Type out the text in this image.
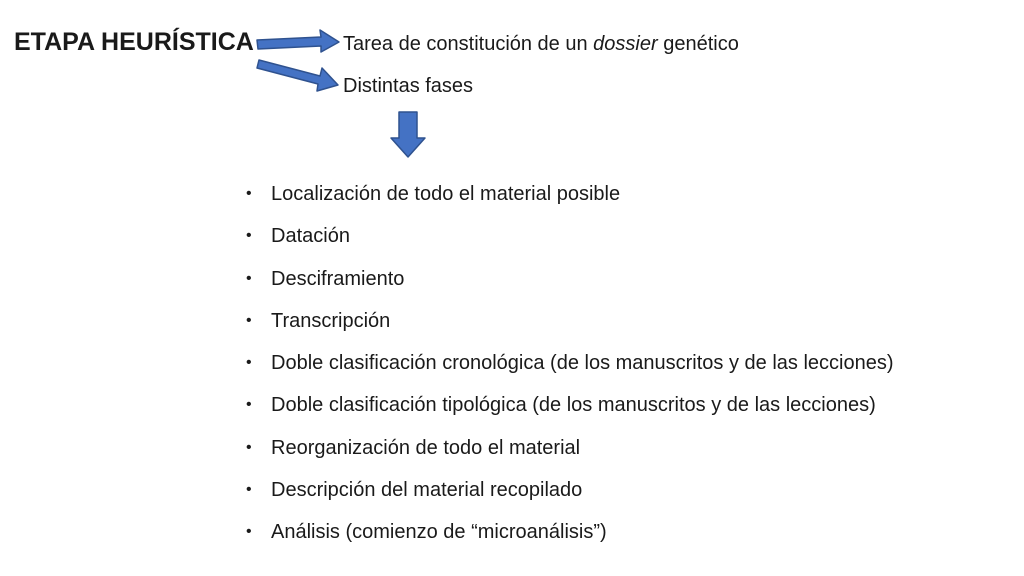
ETAPA HEURÍSTICA	Tarea de constitución de un dossier genético
Distintas fases
• Localización de todo el material posible
• Datación
• Desciframiento
• Transcripción
• Doble clasificación cronológica (de los manuscritos y de las lecciones)
• Doble clasificación tipológica (de los manuscritos y de las lecciones)
• Reorganización de todo el material
• Descripción del material recopilado
• Análisis (comienzo de “microanálisis”)
